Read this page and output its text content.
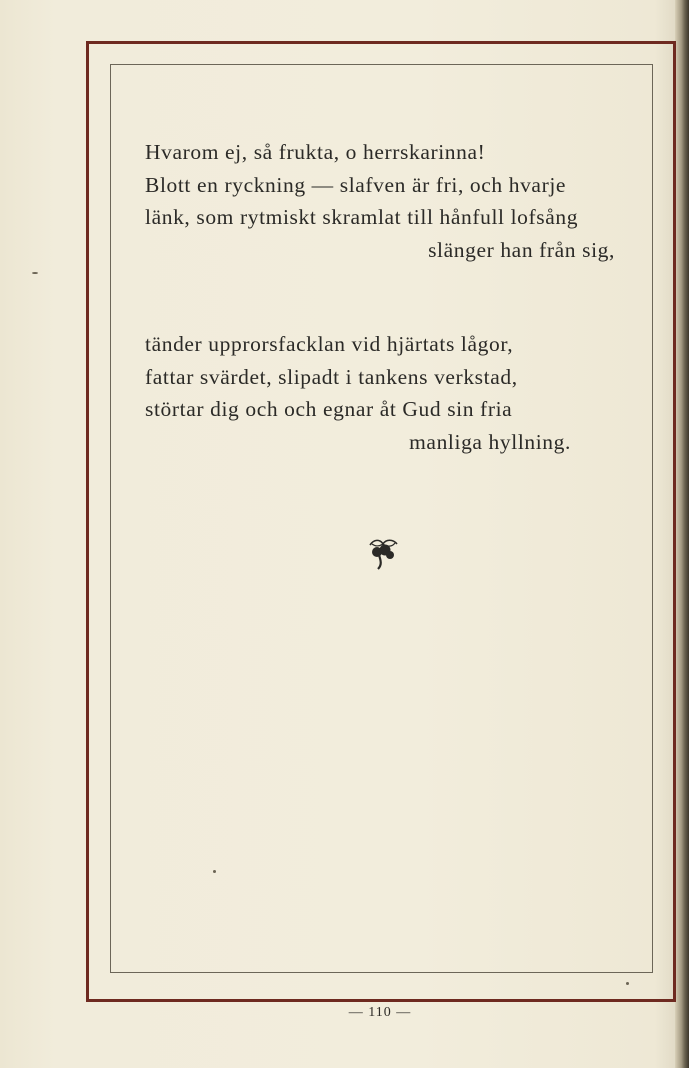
Hvarom ej, så frukta, o herrskarinna!
Blott en ryckning — slafven är fri, och hvarje
länk, som rytmiskt skramlat till hånfull lofsång
slänger han från sig,
tänder upprorsfacklan vid hjärtats lågor,
fattar svärdet, slipadt i tankens verkstad,
störtar dig och och egnar åt Gud sin fria
manliga hyllning.
— 110 —
